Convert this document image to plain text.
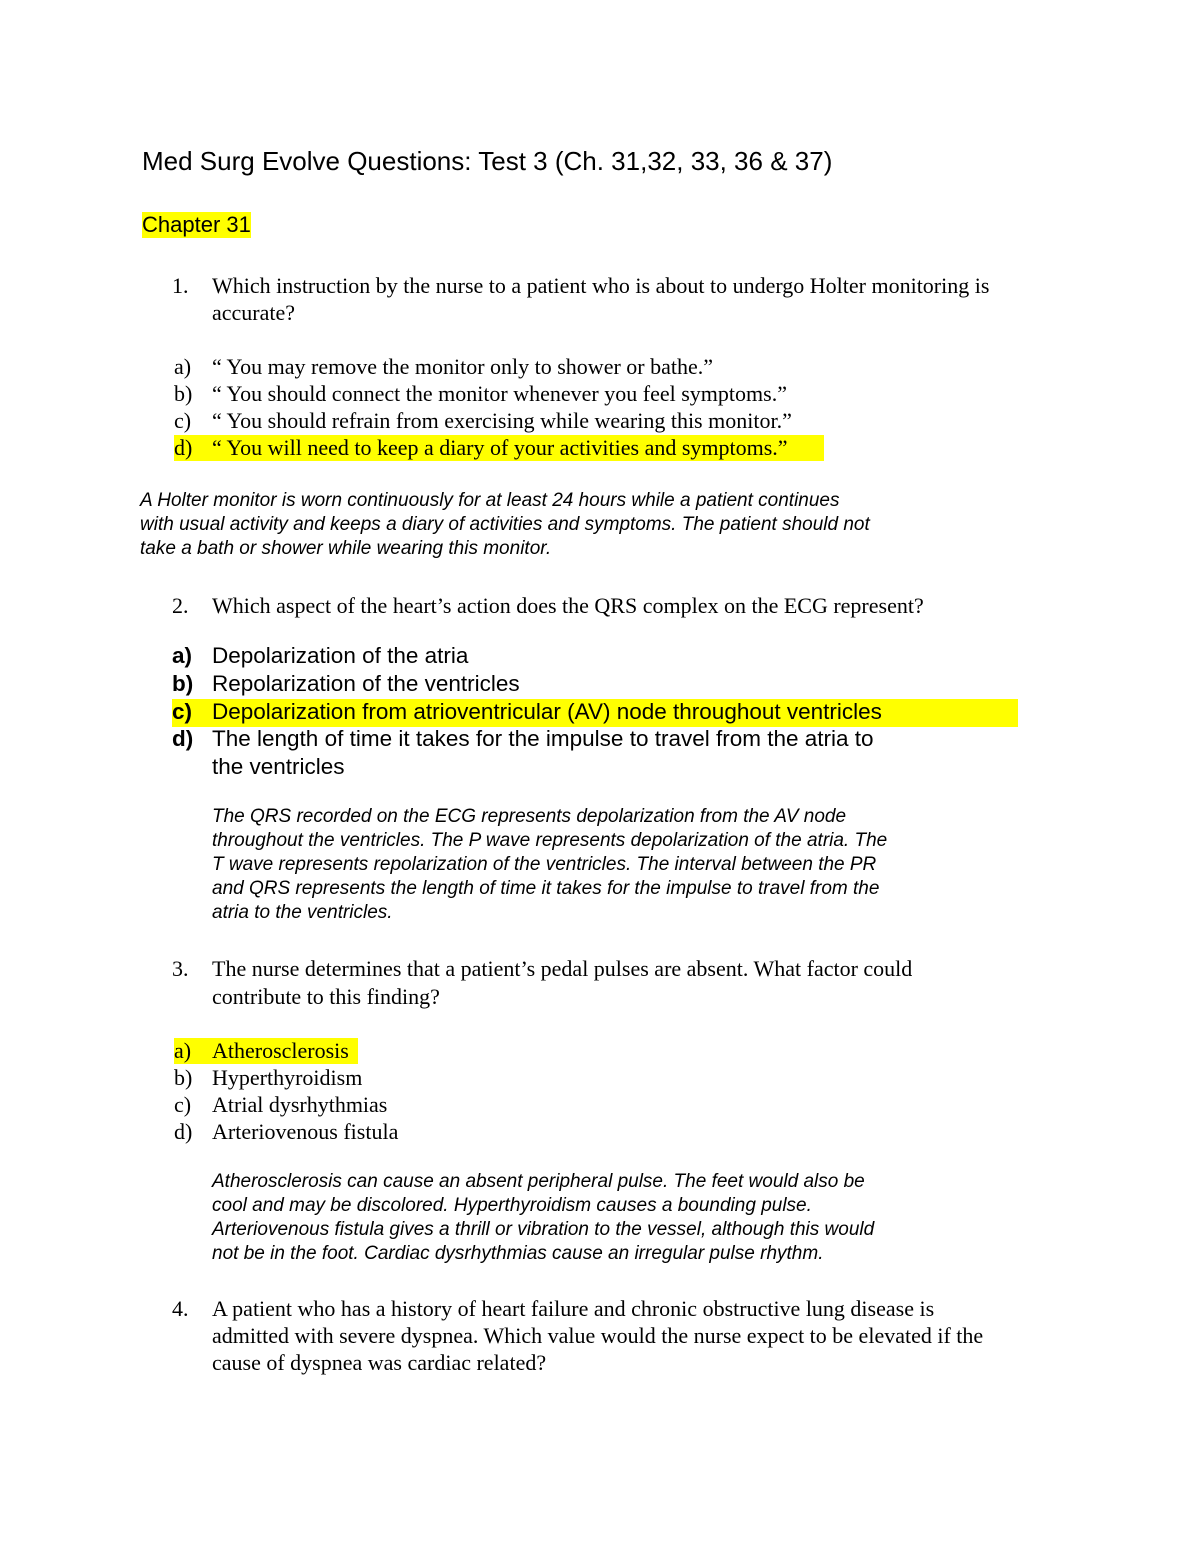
Med Surg Evolve Questions: Test 3 (Ch. 31,32, 33, 36 & 37)
Chapter 31
1. Which instruction by the nurse to a patient who is about to undergo Holter monitoring is
accurate?
a) “ You may remove the monitor only to shower or bathe.”
b) “ You should connect the monitor whenever you feel symptoms.”
c) “ You should refrain from exercising while wearing this monitor.”
d) “ You will need to keep a diary of your activities and symptoms.”
A Holter monitor is worn continuously for at least 24 hours while a patient continues
with usual activity and keeps a diary of activities and symptoms. The patient should not
take a bath or shower while wearing this monitor.
2. Which aspect of the heart’s action does the QRS complex on the ECG represent?
a) Depolarization of the atria
b) Repolarization of the ventricles
c) Depolarization from atrioventricular (AV) node throughout ventricles
d) The length of time it takes for the impulse to travel from the atria to
the ventricles
The QRS recorded on the ECG represents depolarization from the AV node
throughout the ventricles. The P wave represents depolarization of the atria. The
T wave represents repolarization of the ventricles. The interval between the PR
and QRS represents the length of time it takes for the impulse to travel from the
atria to the ventricles.
3. The nurse determines that a patient’s pedal pulses are absent. What factor could
contribute to this finding?
a) Atherosclerosis
b) Hyperthyroidism
c) Atrial dysrhythmias
d) Arteriovenous fistula
Atherosclerosis can cause an absent peripheral pulse. The feet would also be
cool and may be discolored. Hyperthyroidism causes a bounding pulse.
Arteriovenous fistula gives a thrill or vibration to the vessel, although this would
not be in the foot. Cardiac dysrhythmias cause an irregular pulse rhythm.
4. A patient who has a history of heart failure and chronic obstructive lung disease is
admitted with severe dyspnea. Which value would the nurse expect to be elevated if the
cause of dyspnea was cardiac related?
